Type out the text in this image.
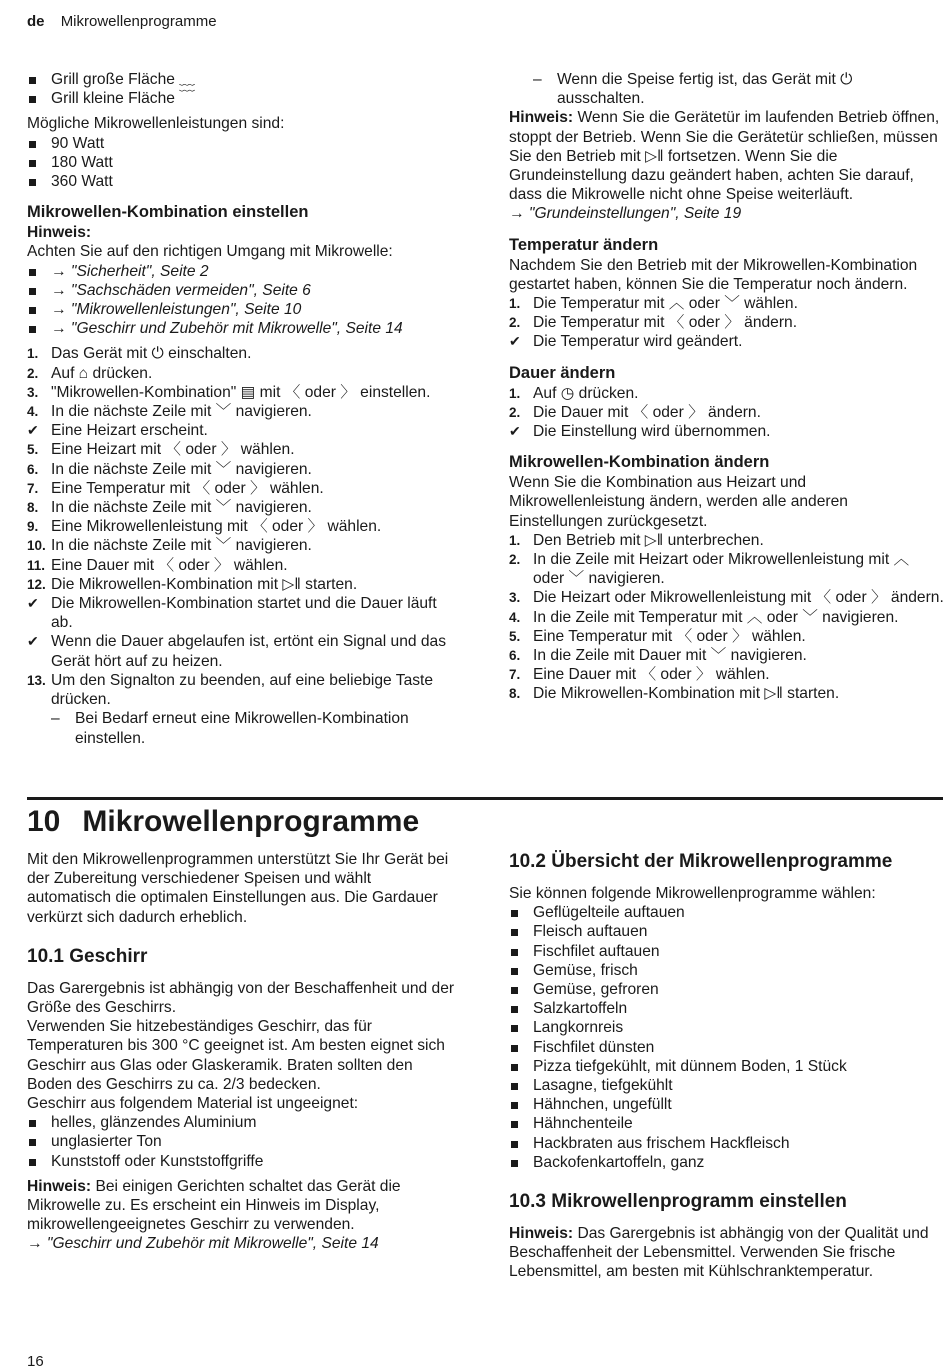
de Mikrowellenprogramme
Grill große Fläche ﹏
Grill kleine Fläche ﹋

Mögliche Mikrowellenleistungen sind:

90 Watt
180 Watt
360 Watt
Mikrowellen-Kombination einstellen

Hinweis:

Achten Sie auf den richtigen Umgang mit Mikrowelle:

→ "Sicherheit", Seite 2
→ "Sachschäden vermeiden", Seite 6
→ "Mikrowellenleistungen", Seite 10
→ "Geschirr und Zubehör mit Mikrowelle", Seite 14
1. Das Gerät mit ⏻ einschalten.
2. Auf ⌂ drücken.
3. "Mikrowellen-Kombination" ▤ mit 〈 oder 〉 einstellen.
4. In die nächste Zeile mit ﹀ navigieren.
✔ Eine Heizart erscheint.
5. Eine Heizart mit 〈 oder 〉 wählen.
6. In die nächste Zeile mit ﹀ navigieren.
7. Eine Temperatur mit 〈 oder 〉 wählen.
8. In die nächste Zeile mit ﹀ navigieren.
9. Eine Mikrowellenleistung mit 〈 oder 〉 wählen.
10. In die nächste Zeile mit ﹀ navigieren.
11. Eine Dauer mit 〈 oder 〉 wählen.
12. Die Mikrowellen-Kombination mit ▷‖ starten.
✔ Die Mikrowellen-Kombination startet und die Dauer läuft ab.
✔ Wenn die Dauer abgelaufen ist, ertönt ein Signal und das Gerät hört auf zu heizen.
13. Um den Signalton zu beenden, auf eine beliebige Taste drücken.
– Bei Bedarf erneut eine Mikrowellen-Kombination einstellen.
– Wenn die Speise fertig ist, das Gerät mit ⏻ ausschalten.

Hinweis: Wenn Sie die Gerätetür im laufenden Betrieb öffnen, stoppt der Betrieb. Wenn Sie die Gerätetür schließen, müssen Sie den Betrieb mit ▷‖ fortsetzen. Wenn Sie die Grundeinstellung dazu geändert haben, achten Sie darauf, dass die Mikrowelle nicht ohne Speise weiterläuft.

→ "Grundeinstellungen", Seite 19

Temperatur ändern

Nachdem Sie den Betrieb mit der Mikrowellen-Kombination gestartet haben, können Sie die Temperatur noch ändern.

1. Die Temperatur mit ︿ oder ﹀ wählen.
2. Die Temperatur mit 〈 oder 〉 ändern.
✔ Die Temperatur wird geändert.
Dauer ändern
1. Auf ◷ drücken.
2. Die Dauer mit 〈 oder 〉 ändern.
✔ Die Einstellung wird übernommen.
Mikrowellen-Kombination ändern

Wenn Sie die Kombination aus Heizart und Mikrowellenleistung ändern, werden alle anderen Einstellungen zurückgesetzt.

1. Den Betrieb mit ▷‖ unterbrechen.
2. In die Zeile mit Heizart oder Mikrowellenleistung mit ︿ oder ﹀ navigieren.
3. Die Heizart oder Mikrowellenleistung mit 〈 oder 〉 ändern.
4. In die Zeile mit Temperatur mit ︿ oder ﹀ navigieren.
5. Eine Temperatur mit 〈 oder 〉 wählen.
6. In die Zeile mit Dauer mit ﹀ navigieren.
7. Eine Dauer mit 〈 oder 〉 wählen.
8. Die Mikrowellen-Kombination mit ▷‖ starten.
10 Mikrowellenprogramme

Mit den Mikrowellenprogrammen unterstützt Sie Ihr Gerät bei der Zubereitung verschiedener Speisen und wählt automatisch die optimalen Einstellungen aus. Die Gardauer verkürzt sich dadurch erheblich.

10.1 Geschirr

Das Garergebnis ist abhängig von der Beschaffenheit und der Größe des Geschirrs.

Verwenden Sie hitzebeständiges Geschirr, das für Temperaturen bis 300 °C geeignet ist. Am besten eignet sich Geschirr aus Glas oder Glaskeramik. Braten sollten den Boden des Geschirrs zu ca. 2/3 bedecken.

Geschirr aus folgendem Material ist ungeeignet:

helles, glänzendes Aluminium
unglasierter Ton
Kunststoff oder Kunststoffgriffe

Hinweis: Bei einigen Gerichten schaltet das Gerät die Mikrowelle zu. Es erscheint ein Hinweis im Display, mikrowellengeeignetes Geschirr zu verwenden.

→ "Geschirr und Zubehör mit Mikrowelle", Seite 14

10.2 Übersicht der Mikrowellenprogramme

Sie können folgende Mikrowellenprogramme wählen:

Geflügelteile auftauen
Fleisch auftauen
Fischfilet auftauen
Gemüse, frisch
Gemüse, gefroren
Salzkartoffeln
Langkornreis
Fischfilet dünsten
Pizza tiefgekühlt, mit dünnem Boden, 1 Stück
Lasagne, tiefgekühlt
Hähnchen, ungefüllt
Hähnchenteile
Hackbraten aus frischem Hackfleisch
Backofenkartoffeln, ganz
10.3 Mikrowellenprogramm einstellen

Hinweis: Das Garergebnis ist abhängig von der Qualität und Beschaffenheit der Lebensmittel. Verwenden Sie frische Lebensmittel, am besten mit Kühlschranktemperatur.

16
